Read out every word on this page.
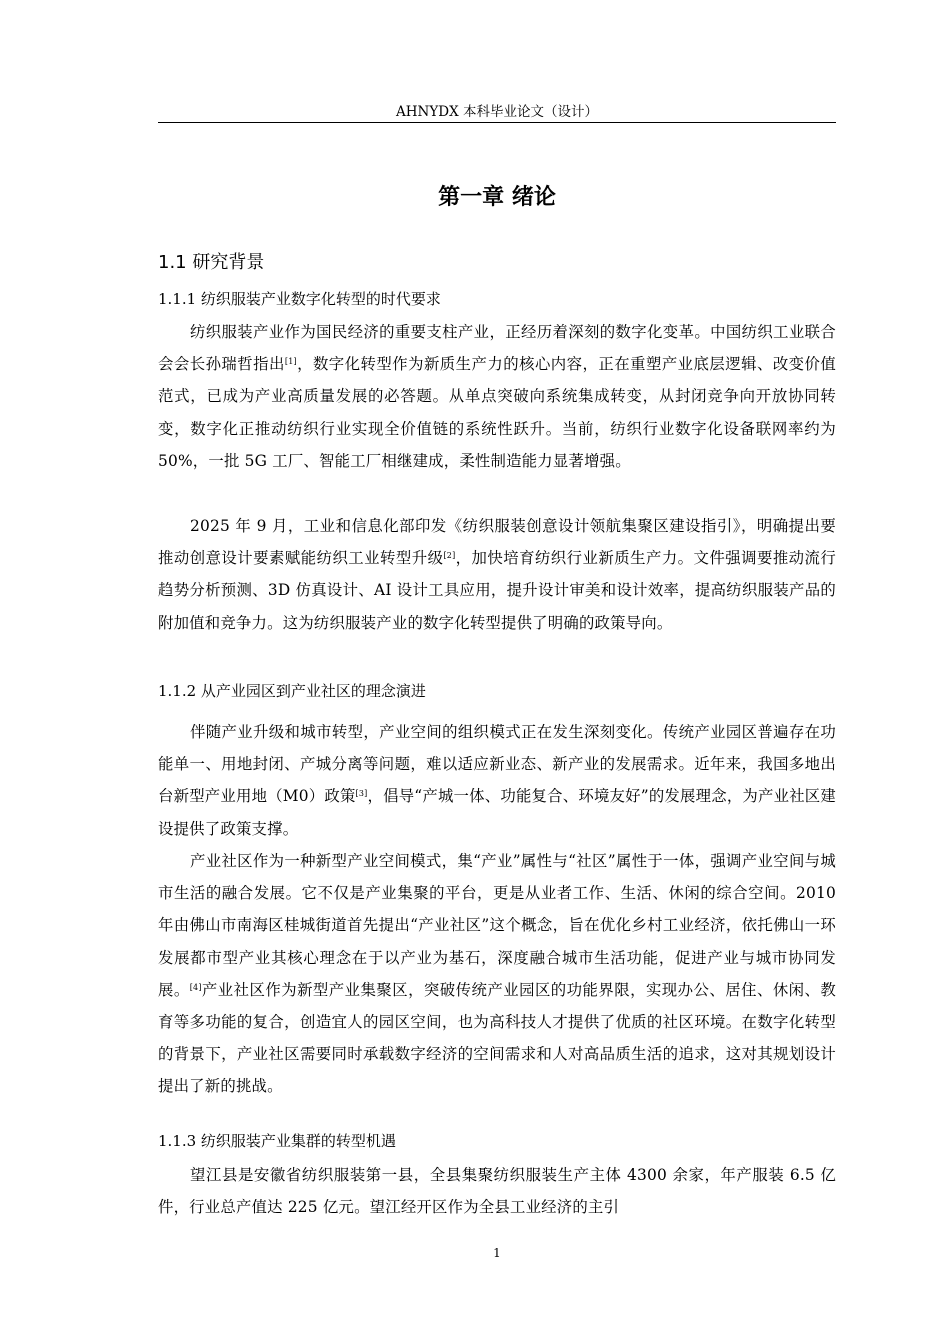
AHNYDX 本科毕业论文（设计）
第一章 绪论
1.1 研究背景
1.1.1 纺织服装产业数字化转型的时代要求

纺织服装产业作为国民经济的重要支柱产业，正经历着深刻的数字化变革。中国纺织工业联合会会长孙瑞哲指出[1]，数字化转型作为新质生产力的核心内容，正在重塑产业底层逻辑、改变价值范式，已成为产业高质量发展的必答题。从单点突破向系统集成转变，从封闭竞争向开放协同转变，数字化正推动纺织行业实现全价值链的系统性跃升。当前，纺织行业数字化设备联网率约为 50%，一批 5G 工厂、智能工厂相继建成，柔性制造能力显著增强。

2025 年 9 月，工业和信息化部印发《纺织服装创意设计领航集聚区建设指引》，明确提出要推动创意设计要素赋能纺织工业转型升级[2]，加快培育纺织行业新质生产力。文件强调要推动流行趋势分析预测、3D 仿真设计、AI 设计工具应用，提升设计审美和设计效率，提高纺织服装产品的附加值和竞争力。这为纺织服装产业的数字化转型提供了明确的政策导向。

1.1.2 从产业园区到产业社区的理念演进

伴随产业升级和城市转型，产业空间的组织模式正在发生深刻变化。传统产业园区普遍存在功能单一、用地封闭、产城分离等问题，难以适应新业态、新产业的发展需求。近年来，我国多地出台新型产业用地（M0）政策[3]，倡导“产城一体、功能复合、环境友好”的发展理念，为产业社区建设提供了政策支撑。

产业社区作为一种新型产业空间模式，集“产业”属性与“社区”属性于一体，强调产业空间与城市生活的融合发展。它不仅是产业集聚的平台，更是从业者工作、生活、休闲的综合空间。2010 年由佛山市南海区桂城街道首先提出“产业社区”这个概念，旨在优化乡村工业经济，依托佛山一环发展都市型产业其核心理念在于以产业为基石，深度融合城市生活功能，促进产业与城市协同发展。[4]产业社区作为新型产业集聚区，突破传统产业园区的功能界限，实现办公、居住、休闲、教育等多功能的复合，创造宜人的园区空间，也为高科技人才提供了优质的社区环境。在数字化转型的背景下，产业社区需要同时承载数字经济的空间需求和人对高品质生活的追求，这对其规划设计提出了新的挑战。

1.1.3 纺织服装产业集群的转型机遇

望江县是安徽省纺织服装第一县，全县集聚纺织服装生产主体 4300 余家，年产服装 6.5 亿件，行业总产值达 225 亿元。望江经开区作为全县工业经济的主引

1
